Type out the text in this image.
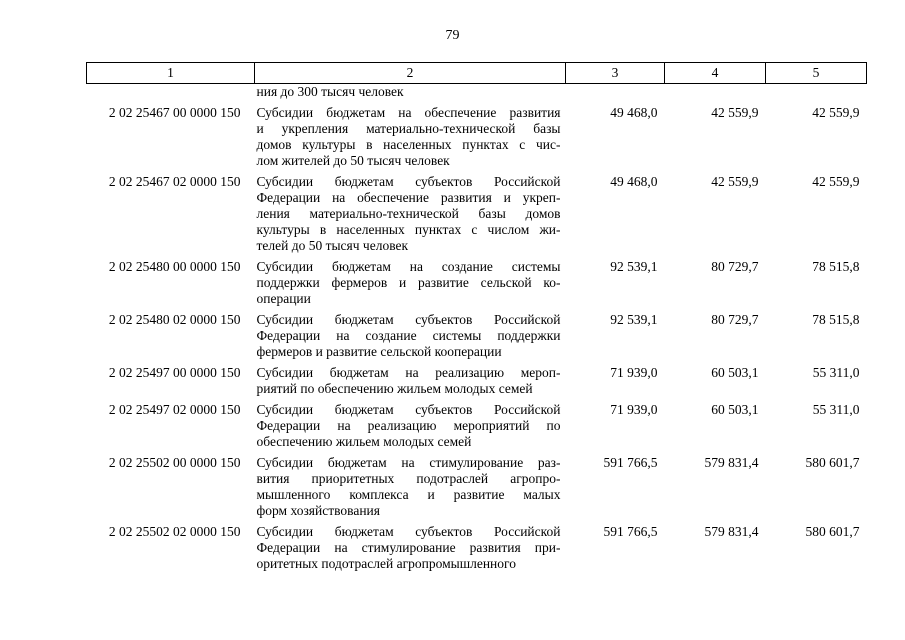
79
1	2	3	4	5

	ния до 300 тысяч человек			

2 02 25467 00 0000 150	Субсидии бюджетам на обеспечение развития
и укрепления материально-технической базы
домов культуры в населенных пунктах с чис-
лом жителей до 50 тысяч человек	49 468,0	42 559,9	42 559,9
2 02 25467 02 0000 150	Субсидии бюджетам субъектов Российской
Федерации на обеспечение развития и укреп-
ления материально-технической базы домов
культуры в населенных пунктах с числом жи-
телей до 50 тысяч человек	49 468,0	42 559,9	42 559,9
2 02 25480 00 0000 150	Субсидии бюджетам на создание системы
поддержки фермеров и развитие сельской ко-
операции	92 539,1	80 729,7	78 515,8
2 02 25480 02 0000 150	Субсидии бюджетам субъектов Российской
Федерации на создание системы поддержки
фермеров и развитие сельской кооперации	92 539,1	80 729,7	78 515,8
2 02 25497 00 0000 150	Субсидии бюджетам на реализацию мероп-
риятий по обеспечению жильем молодых семей	71 939,0	60 503,1	55 311,0
2 02 25497 02 0000 150	Субсидии бюджетам субъектов Российской
Федерации на реализацию мероприятий по
обеспечению жильем молодых семей	71 939,0	60 503,1	55 311,0
2 02 25502 00 0000 150	Субсидии бюджетам на стимулирование раз-
вития приоритетных подотраслей агропро-
мышленного комплекса и развитие малых
форм хозяйствования	591 766,5	579 831,4	580 601,7
2 02 25502 02 0000 150	Субсидии бюджетам субъектов Российской
Федерации на стимулирование развития при-
оритетных подотраслей агропромышленного	591 766,5	579 831,4	580 601,7
